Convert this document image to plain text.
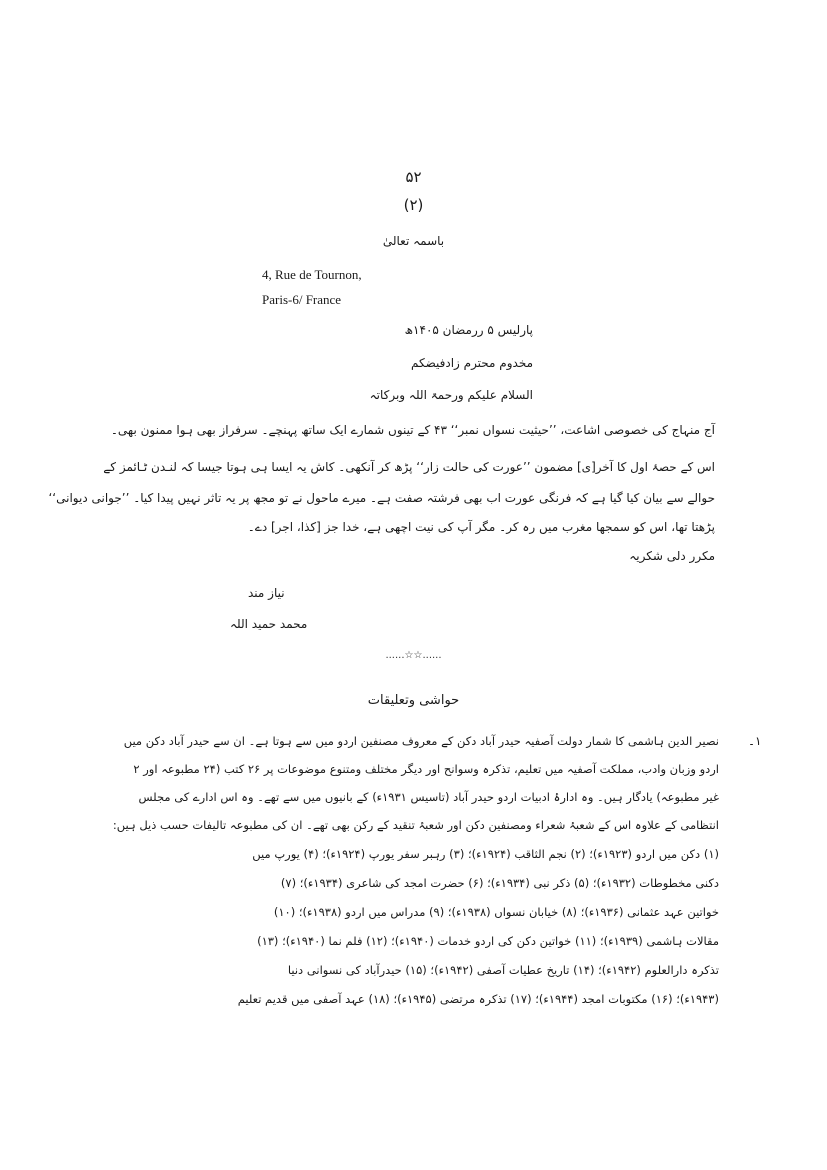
۵۲
(۲)
باسمہ تعالیٰ
4, Rue de Tournon,
Paris-6/ France
پارلیس ۵ ررمضان ۱۴۰۵ھ
مخدوم محترم زادفیضکم
السلام علیکم ورحمۃ اللہ وبرکاتہ
آج منہاج کی خصوصی اشاعت، ’’حیثیت نسواں نمبر‘‘ ۴۳ کے تینوں شمارے ایک ساتھ پہنچے۔ سرفراز بھی ہوا ممنون بھی۔
اس کے حصۂ اول کا آخر[ی] مضمون ’’عورت کی حالت زار‘‘ پڑھ کر آنکھی۔ کاش یہ ایسا ہی ہوتا جیسا کہ لنـدن ٹـائمز کے
حوالے سے بیان کیا گیا ہے کہ فرنگی عورت اب بھی فرشتہ صفت ہے۔ میرے ماحول نے تو مجھ پر یہ تاثر نہیں پیدا کیا۔ ’’جوانی دیوانی‘‘
پڑھتا تھا، اس کو سمجھا مغرب میں رہ کر۔ مگر آپ کی نیت اچھی ہے، خدا جز [کذا، اجر] دے۔
مکرر دلی شکریہ
نیاز مند
محمد حمید اللہ
......☆☆......
حواشی وتعلیقات
۱۔
نصیر الدین ہاشمی کا شمار دولت آصفیہ حیدر آباد دکن کے معروف مصنفین اردو میں سے ہوتا ہے۔ ان سے حیدر آباد دکن میں
اردو وزبان وادب، مملکت آصفیہ میں تعلیم، تذکرہ وسوانح اور دیگر مختلف ومتنوع موضوعات پر ۲۶ کتب (۲۴ مطبوعہ اور ۲
غیر مطبوعہ) یادگار ہیں۔ وہ ادارۂ ادبیات اردو حیدر آباد (تاسیس ۱۹۳۱ء) کے بانیوں میں سے تھے۔ وہ اس ادارے کی مجلس
انتظامی کے علاوہ اس کے شعبۂ شعراء ومصنفین دکن اور شعبۂ تنقید کے رکن بھی تھے۔ ان کی مطبوعہ تالیفات حسب ذیل ہیں:
(۱) دکن میں اردو (۱۹۲۳ء)؛ (۲) نجم الثاقب (۱۹۲۴ء)؛ (۳) رہبر سفر یورپ (۱۹۲۴ء)؛ (۴) یورپ میں
دکنی مخطوطات (۱۹۳۲ء)؛ (۵) ذکر نبی (۱۹۳۴ء)؛ (۶) حضرت امجد کی شاعری (۱۹۳۴ء)؛ (۷)
خواتین عہد عثمانی (۱۹۳۶ء)؛ (۸) خیابان نسواں (۱۹۳۸ء)؛ (۹) مدراس میں اردو (۱۹۳۸ء)؛ (۱۰)
مقالات ہاشمی (۱۹۳۹ء)؛ (۱۱) خواتین دکن کی اردو خدمات (۱۹۴۰ء)؛ (۱۲) فلم نما (۱۹۴۰ء)؛ (۱۳)
تذکرہ دارالعلوم (۱۹۴۲ء)؛ (۱۴) تاریخ عطیات آصفی (۱۹۴۲ء)؛ (۱۵) حیدرآباد کی نسوانی دنیا
(۱۹۴۳ء)؛ (۱۶) مکتوبات امجد (۱۹۴۴ء)؛ (۱۷) تذکرہ مرتضی (۱۹۴۵ء)؛ (۱۸) عہد آصفی میں قدیم تعلیم
